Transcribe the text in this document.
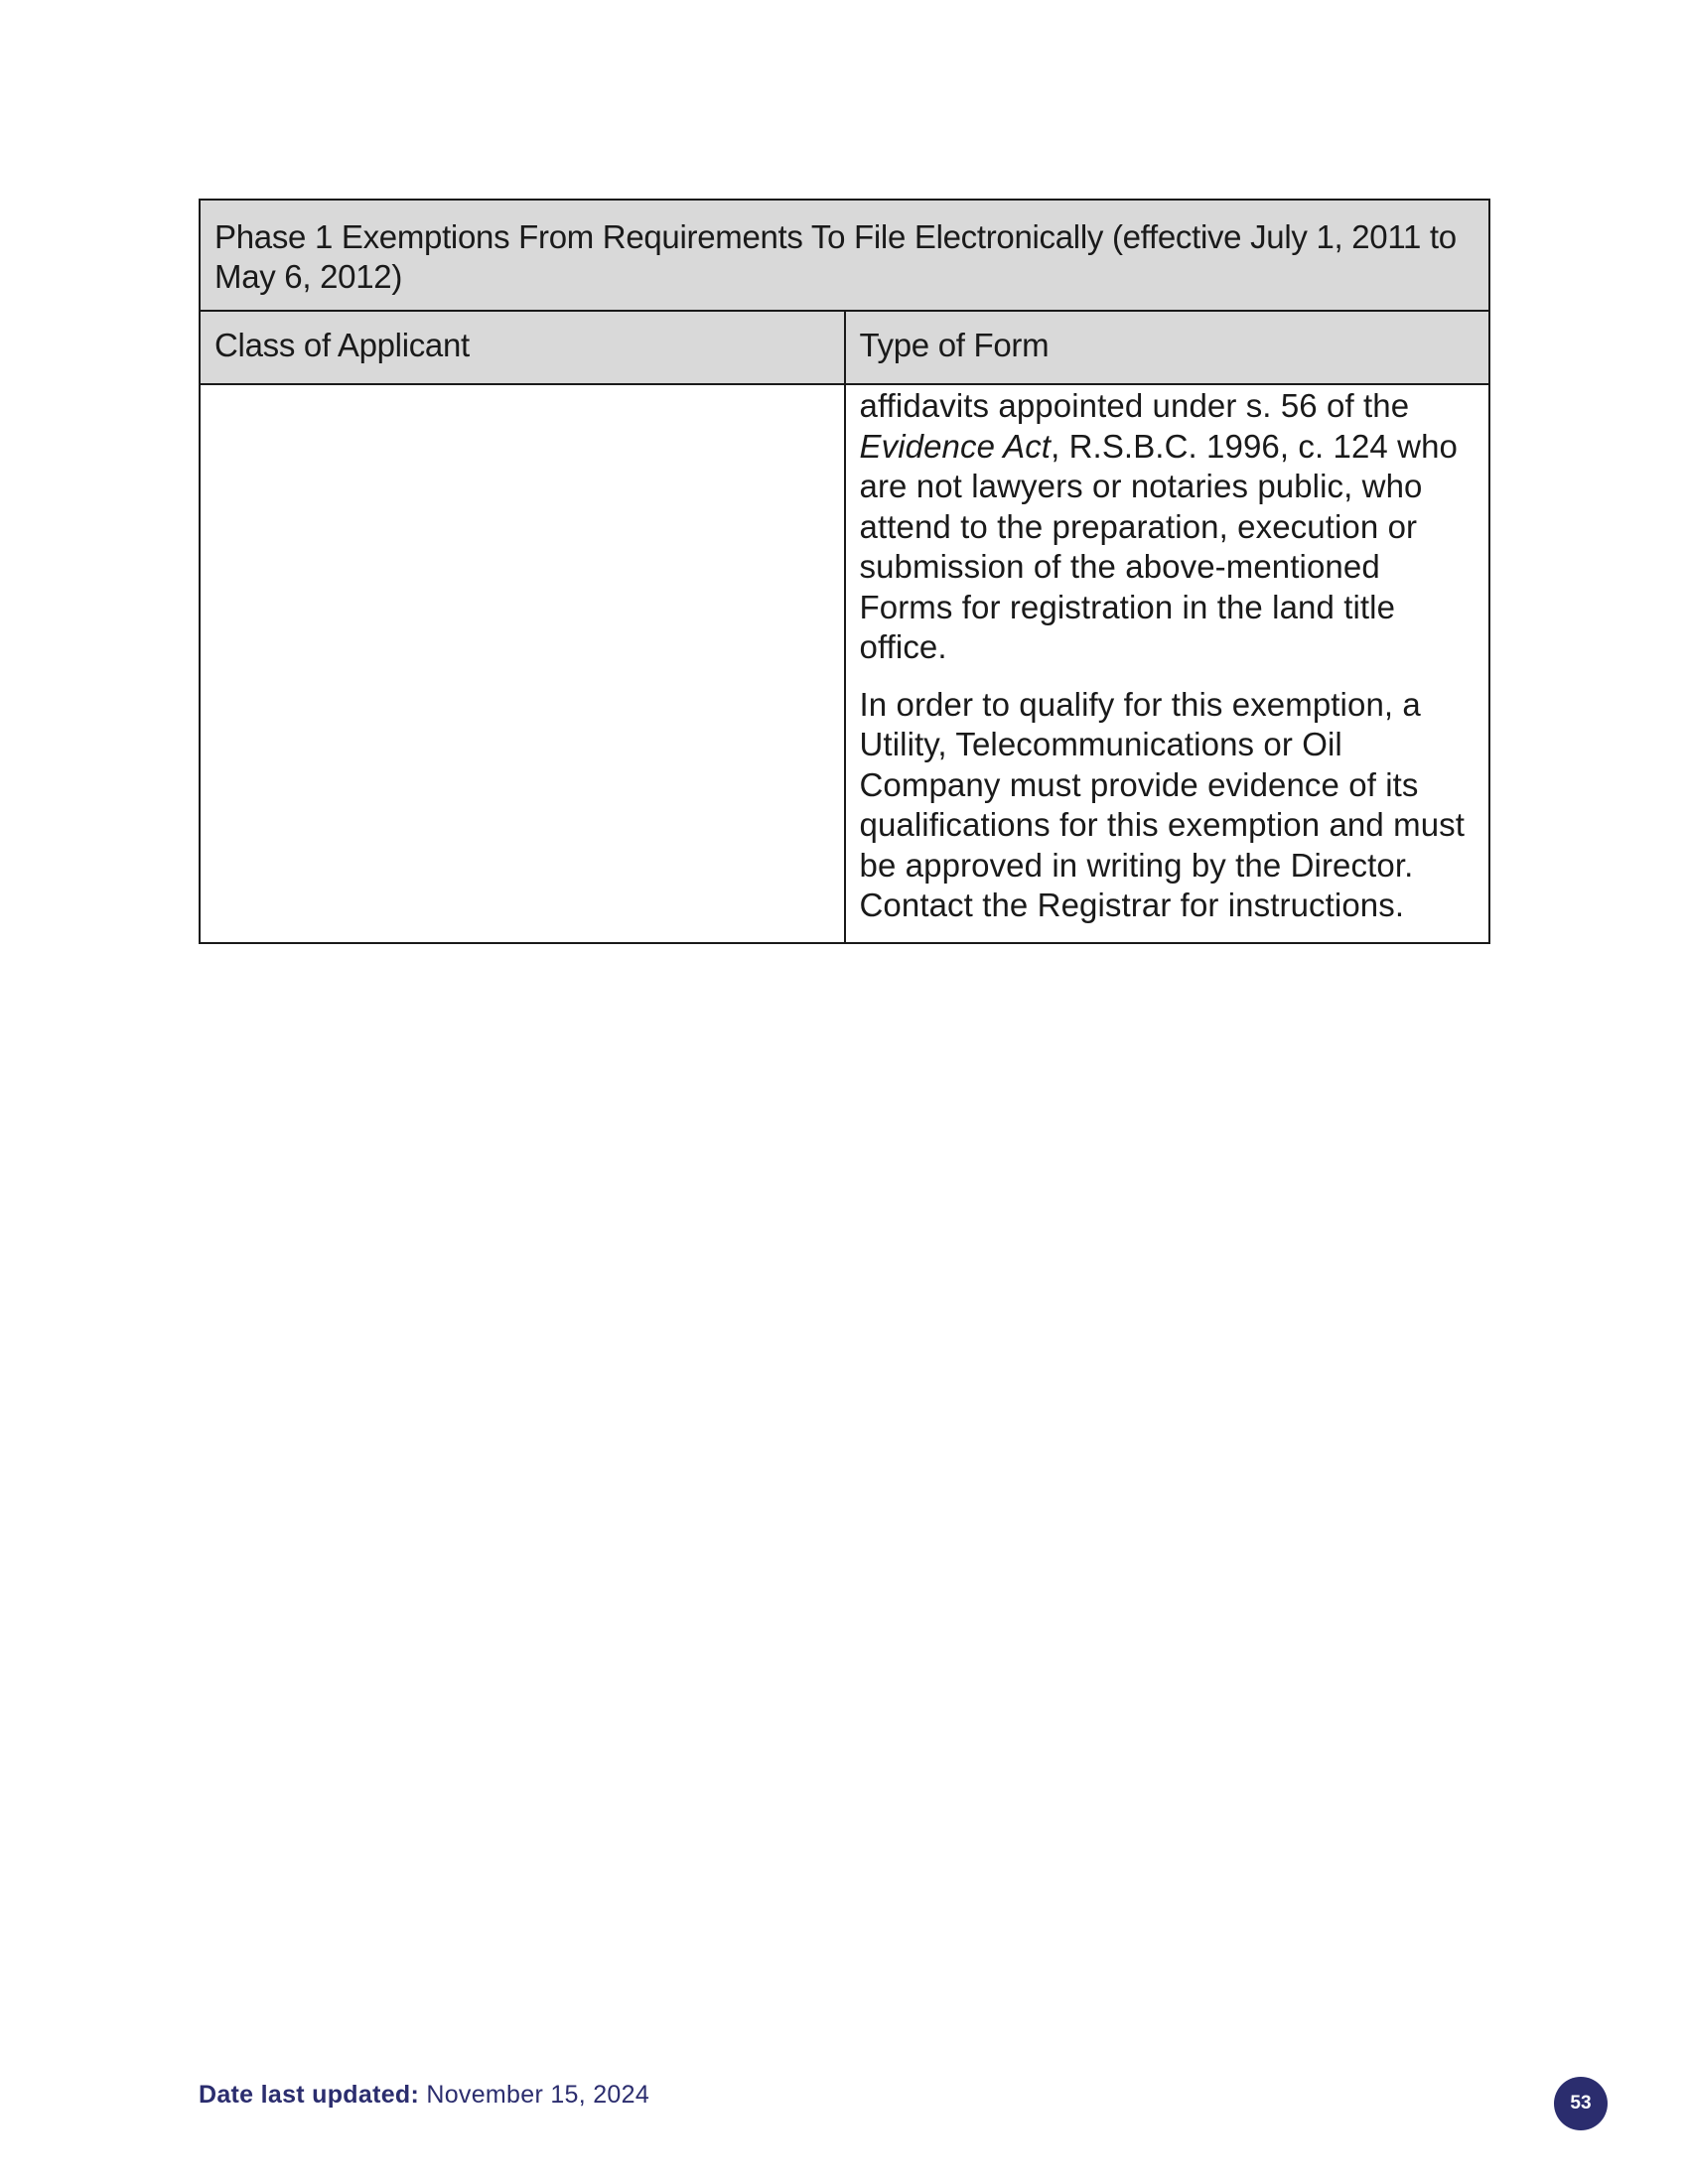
Phase 1 Exemptions From Requirements To File Electronically (effective July 1, 2011 to May 6, 2012)	
Class of Applicant	Type of Form

	affidavits appointed under s. 56 of the Evidence Act, R.S.B.C. 1996, c. 124 who are not lawyers or notaries public, who attend to the preparation, execution or submission of the above-mentioned Forms for registration in the land title office.

In order to qualify for this exemption, a Utility, Telecommunications or Oil Company must provide evidence of its qualifications for this exemption and must be approved in writing by the Director. Contact the Registrar for instructions.

Date last updated: November 15, 2024	53
